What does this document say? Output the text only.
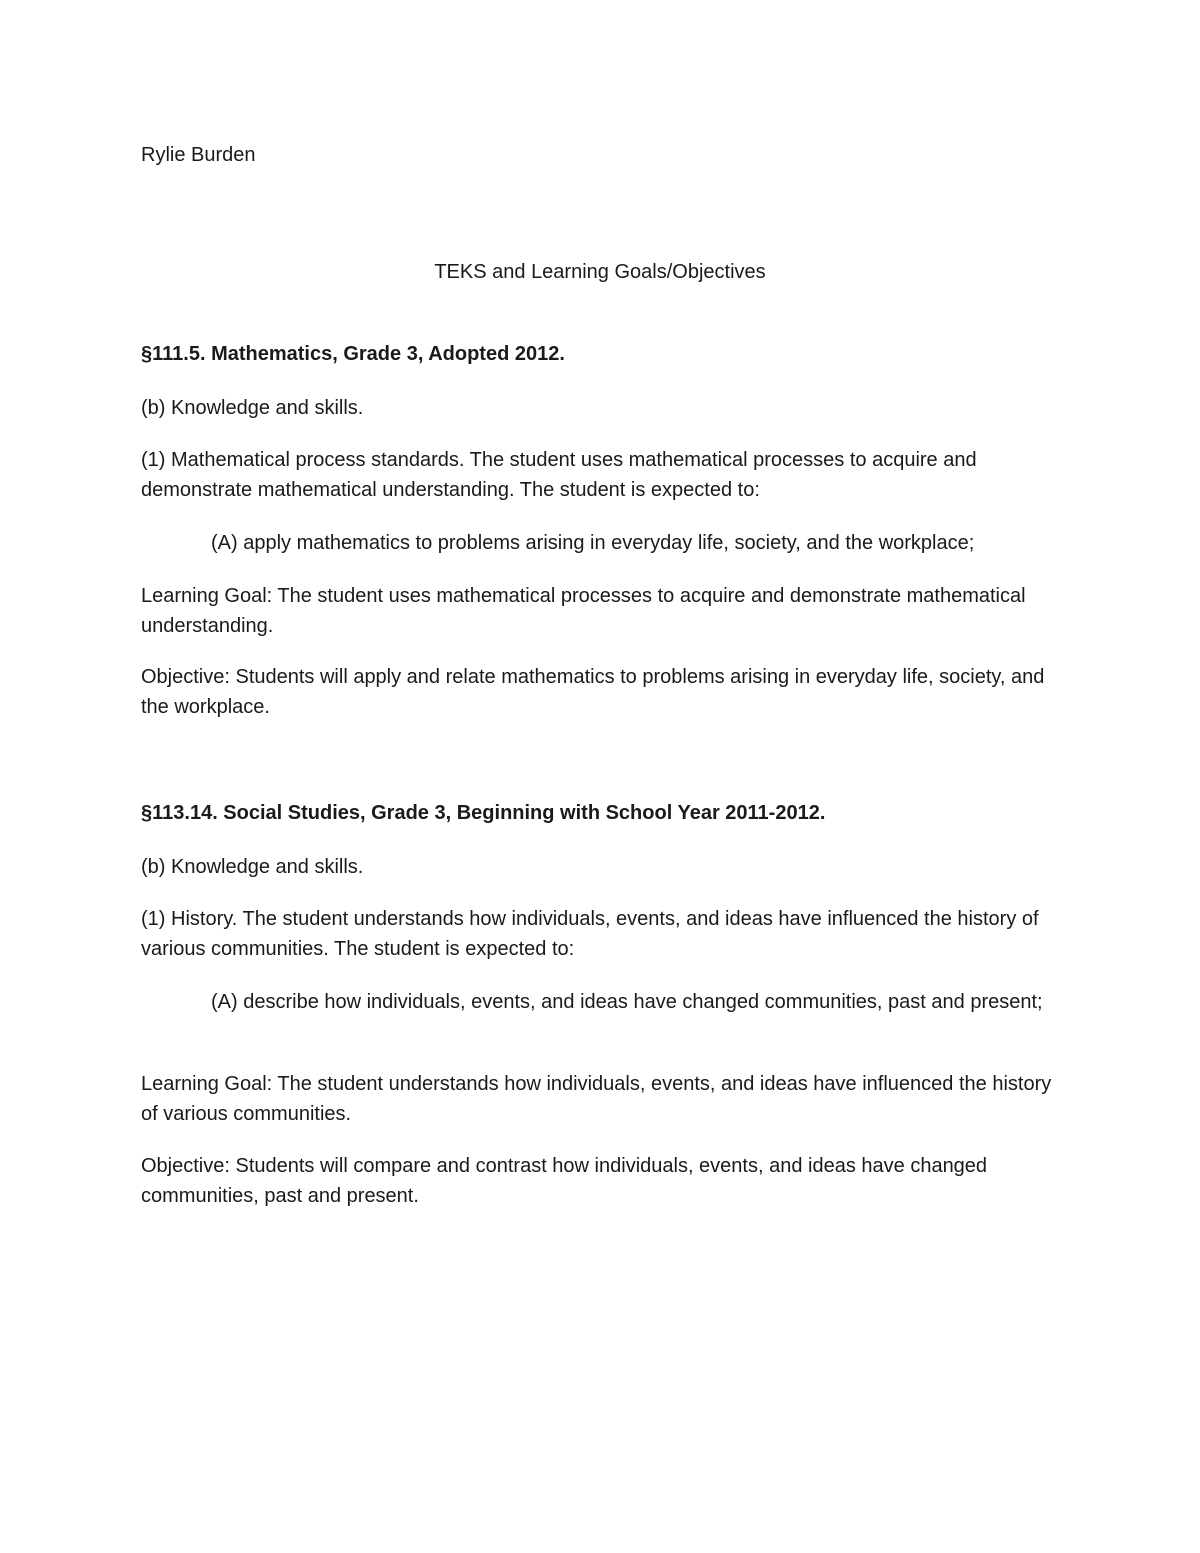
Rylie Burden
TEKS and Learning Goals/Objectives
§111.5. Mathematics, Grade 3, Adopted 2012.
(b) Knowledge and skills.
(1) Mathematical process standards. The student uses mathematical processes to acquire and demonstrate mathematical understanding. The student is expected to:
(A) apply mathematics to problems arising in everyday life, society, and the workplace;
Learning Goal: The student uses mathematical processes to acquire and demonstrate mathematical understanding.
Objective: Students will apply and relate mathematics to problems arising in everyday life, society, and the workplace.
§113.14. Social Studies, Grade 3, Beginning with School Year 2011-2012.
(b) Knowledge and skills.
(1) History. The student understands how individuals, events, and ideas have influenced the history of various communities. The student is expected to:
(A) describe how individuals, events, and ideas have changed communities, past and present;
Learning Goal: The student understands how individuals, events, and ideas have influenced the history of various communities.
Objective: Students will compare and contrast how individuals, events, and ideas have changed communities, past and present.
